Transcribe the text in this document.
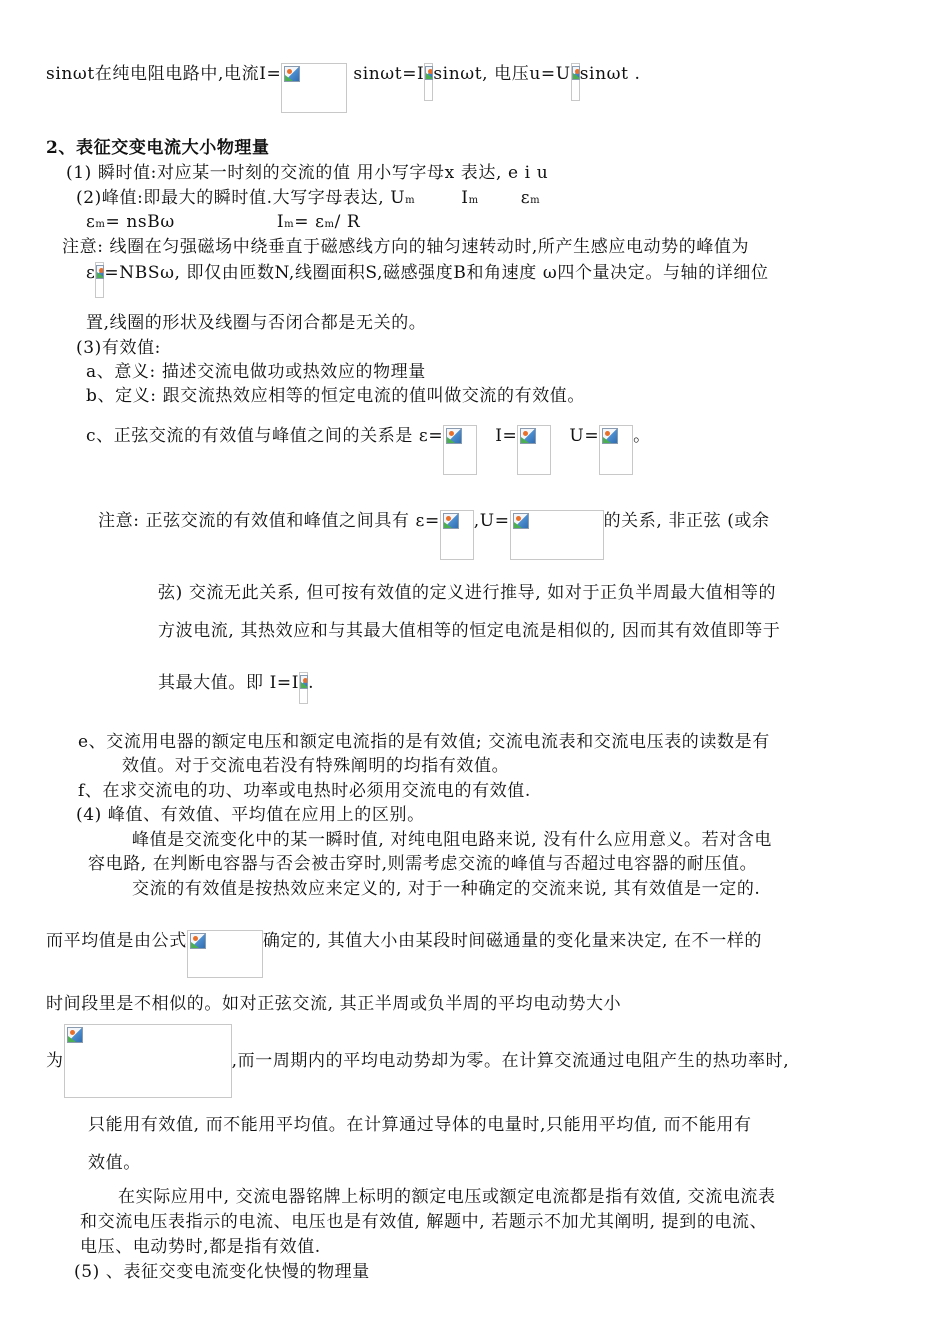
sinωt在纯电阻电路中,电流I=	sinωt=I sinωt, 电压u=U sinωt .
2、表征交变电流大小物理量
(1) 瞬时值:对应某一时刻的交流的值 用小写字母x 表达, e i u
(2)峰值:即最大的瞬时值.大写字母表达, Um	Im εm
εm= nsBω	Im= εm/ R
注意: 线圈在匀强磁场中绕垂直于磁感线方向的轴匀速转动时,所产生感应电动势的峰值为
ε =NBSω, 即仅由匝数N,线圈面积S,磁感强度B和角速度 ω四个量决定。与轴的详细位
置,线圈的形状及线圈与否闭合都是无关的。
(3)有效值:
a、意义: 描述交流电做功或热效应的物理量
b、定义: 跟交流热效应相等的恒定电流的值叫做交流的有效值。
c、正弦交流的有效值与峰值之间的关系是 ε=	I=	U= 。
注意: 正弦交流的有效值和峰值之间具有 ε= ,U=	的关系, 非正弦 (或余
弦) 交流无此关系, 但可按有效值的定义进行推导, 如对于正负半周最大值相等的
方波电流, 其热效应和与其最大值相等的恒定电流是相似的, 因而其有效值即等于
其最大值。即 I=I .
e、交流用电器的额定电压和额定电流指的是有效值; 交流电流表和交流电压表的读数是有
效值。对于交流电若没有特殊阐明的均指有效值。
f、在求交流电的功、功率或电热时必须用交流电的有效值.
(4) 峰值、有效值、平均值在应用上的区别。
峰值是交流变化中的某一瞬时值, 对纯电阻电路来说, 没有什么应用意义。若对含电
容电路, 在判断电容器与否会被击穿时,则需考虑交流的峰值与否超过电容器的耐压值。
交流的有效值是按热效应来定义的, 对于一种确定的交流来说, 其有效值是一定的.
而平均值是由公式	确定的, 其值大小由某段时间磁通量的变化量来决定, 在不一样的
时间段里是不相似的。如对正弦交流, 其正半周或负半周的平均电动势大小
为	,而一周期内的平均电动势却为零。在计算交流通过电阻产生的热功率时,
只能用有效值, 而不能用平均值。在计算通过导体的电量时,只能用平均值, 而不能用有
效值。
在实际应用中, 交流电器铭牌上标明的额定电压或额定电流都是指有效值, 交流电流表
和交流电压表指示的电流、电压也是有效值, 解题中, 若题示不加尤其阐明, 提到的电流、
电压、电动势时,都是指有效值.
(5) 、表征交变电流变化快慢的物理量
